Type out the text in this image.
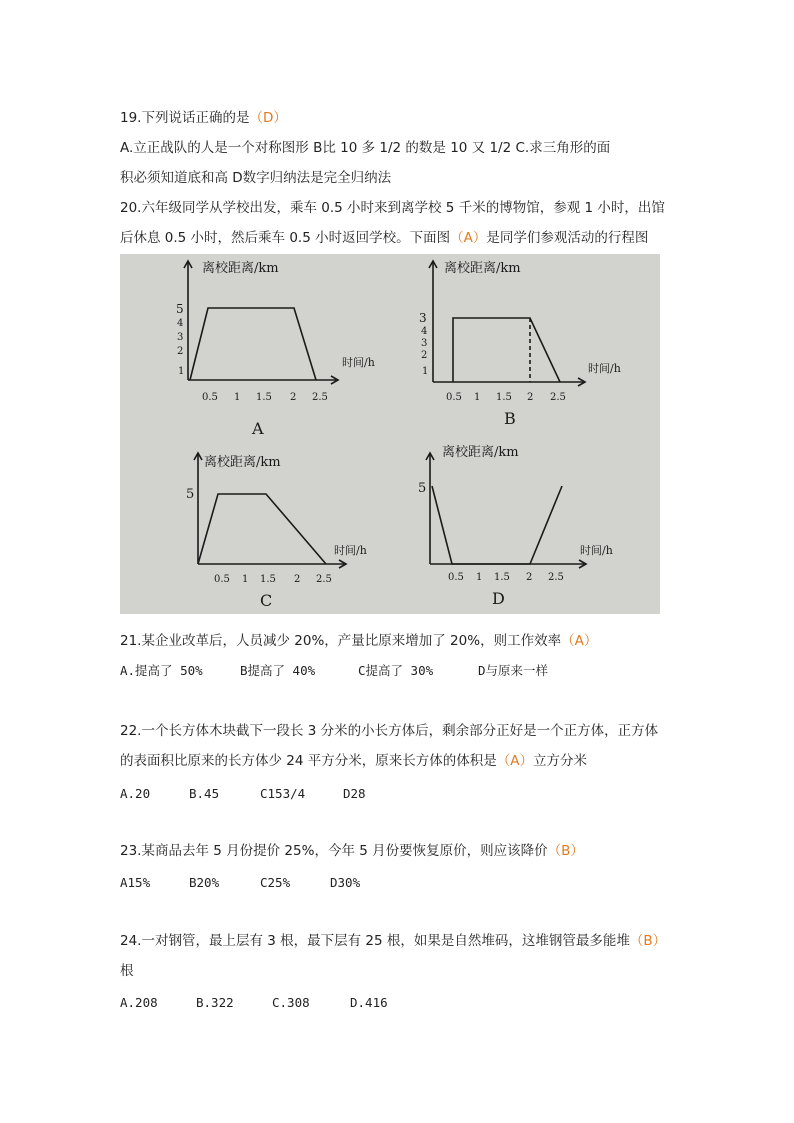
19.下列说话正确的是（D）
A.立正战队的人是一个对称图形 B比 10 多 1/2 的数是 10 又 1/2 C.求三角形的面
积必须知道底和高 D数字归纳法是完全归纳法
20.六年级同学从学校出发，乘车 0.5 小时来到离学校 5 千米的博物馆，参观 1 小时，出馆
后休息 0.5 小时，然后乘车 0.5 小时返回学校。下面图（A）是同学们参观活动的行程图
离校距离/km
时间/h
5
4
3
2
1
0.5 1 1.5 2 2.5
A
离校距离/km
时间/h
3
4
3
2
1
0.5 1 1.5 2 2.5
B
离校距离/km
时间/h
5
0.5 1 1.5 2 2.5
C
离校距离/km
时间/h
5
0.5 1 1.5 2 2.5
D
21.某企业改革后，人员减少 20%，产量比原来增加了 20%，则工作效率（A）
A.提高了 50%	B提高了 40%	C提高了 30%	D与原来一样
22.一个长方体木块截下一段长 3 分米的小长方体后，剩余部分正好是一个正方体，正方体
的表面积比原来的长方体少 24 平方分米，原来长方体的体积是（A）立方分米
A.20	B.45	C153/4	D28
23.某商品去年 5 月份提价 25%，今年 5 月份要恢复原价，则应该降价（B）
A15%	B20%	C25%	D30%
24.一对钢管，最上层有 3 根，最下层有 25 根，如果是自然堆码，这堆钢管最多能堆（B）
根
A.208	B.322	C.308	D.416
